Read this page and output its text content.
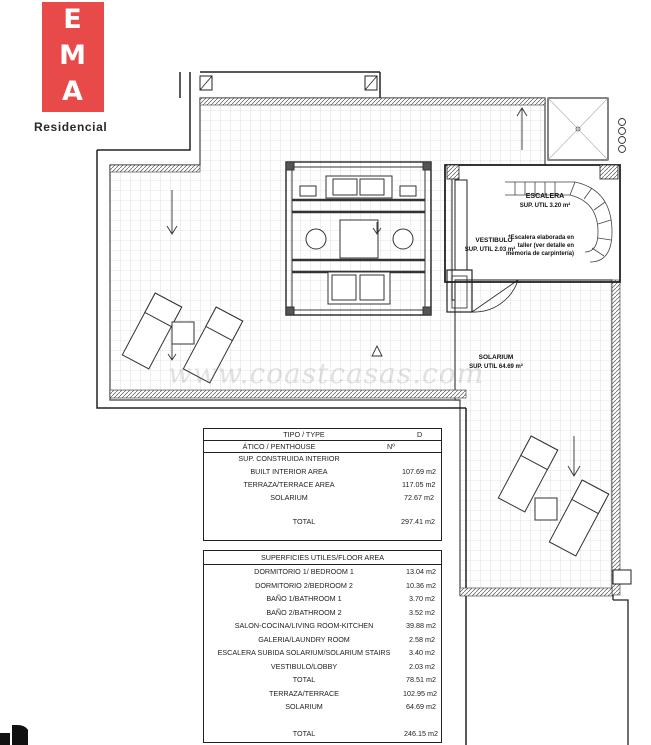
ESCALERA
SUP. UTIL 3.20 m²
*Escalera elaborada en
taller (ver detalle en
memoria de carpintería)
VESTIBULO
SUP. UTIL 2.03 m²
SOLARIUM
SUP. UTIL 64.69 m²
www.coastcasas.com
E
M
A
Residencial
TIPO / TYPE	D
ÁTICO / PENTHOUSE	Nº
SUP. CONSTRUIDA INTERIOR
BUILT INTERIOR AREA	107.69 m2
TERRAZA/TERRACE AREA	117.05 m2
SOLARIUM	72.67 m2
TOTAL	297.41 m2
SUPERFICIES UTILES/FLOOR AREA
DORMITORIO 1/ BEDROOM 1	13.04 m2
DORMITORIO 2/BEDROOM 2	10.36 m2
BAÑO 1/BATHROOM 1	3.70 m2
BAÑO 2/BATHROOM 2	3.52 m2
SALON-COCINA/LIVING ROOM-KITCHEN	39.88 m2
GALERIA/LAUNDRY ROOM	2.58 m2
ESCALERA SUBIDA SOLARIUM/SOLARIUM STAIRS	3.40 m2
VESTIBULO/LOBBY	2.03 m2
TOTAL	78.51 m2
TERRAZA/TERRACE	102.95 m2
SOLARIUM	64.69 m2
TOTAL	246.15 m2
